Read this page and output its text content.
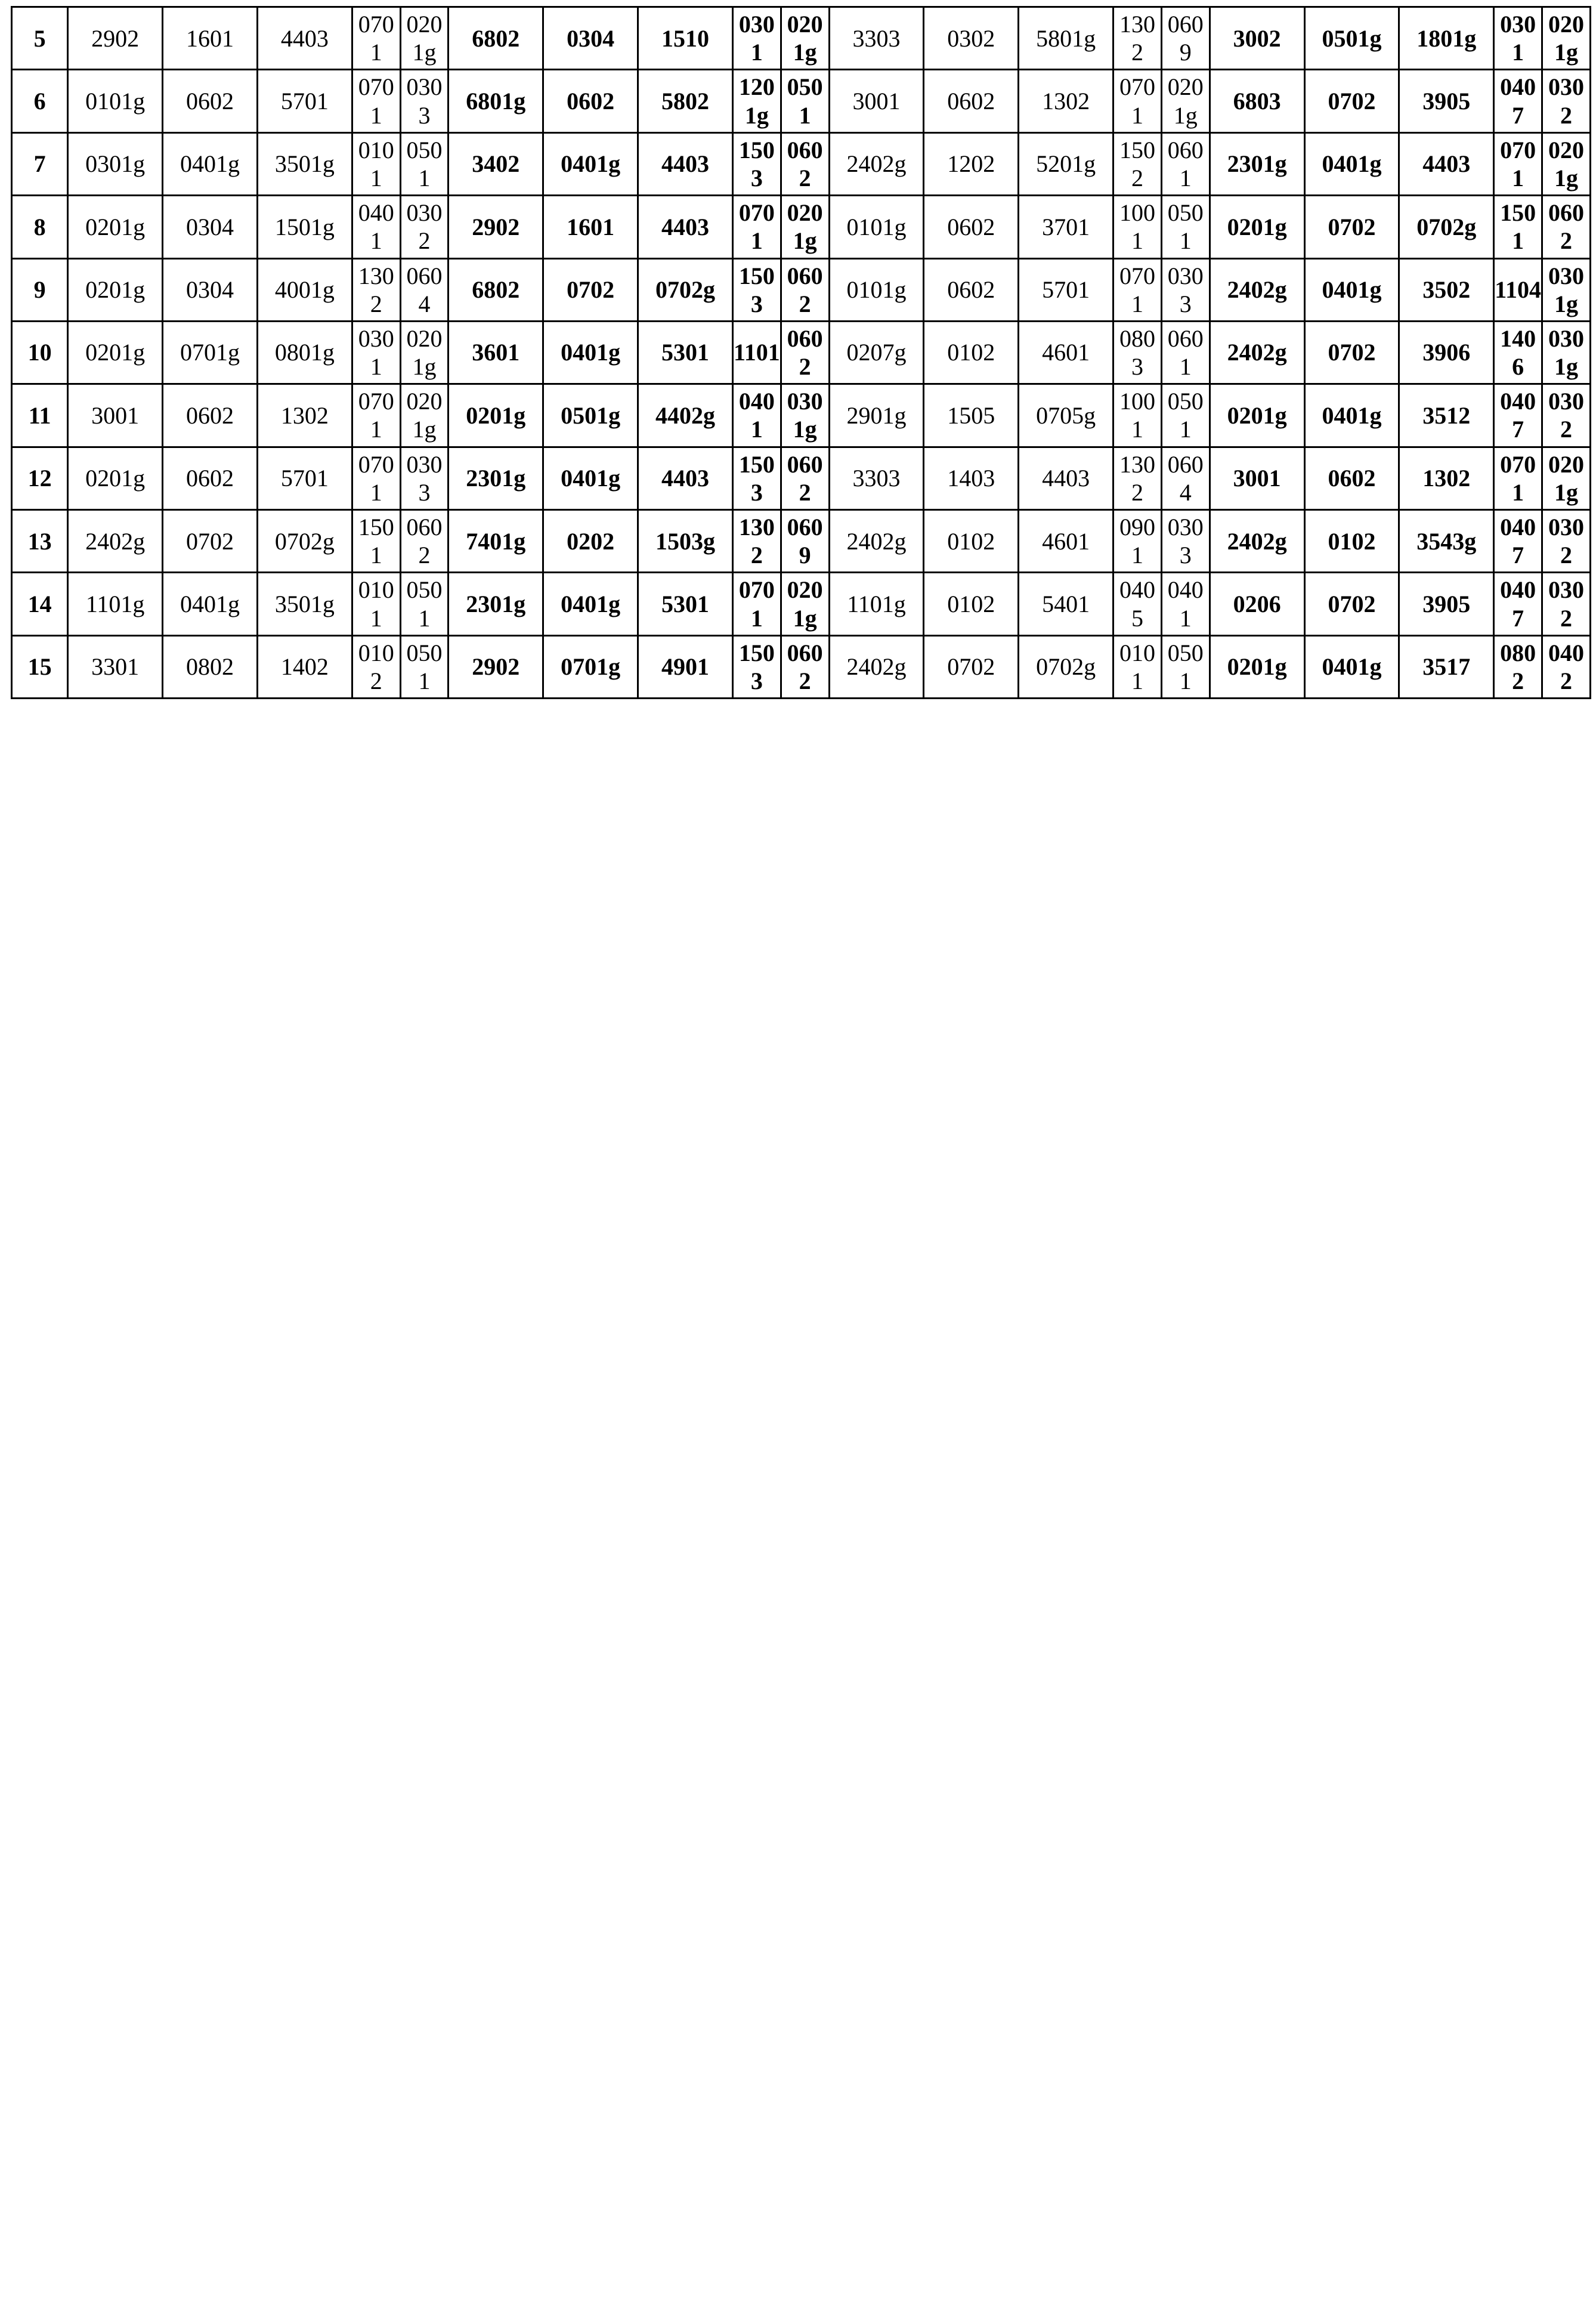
5	2902	1601	4403	0701	0201g	6802	0304	1510	0301	0201g	3303	0302	5801g	1302	0609	3002	0501g	1801g	0301	0201g

6	0101g	0602	5701	0701	0303	6801g	0602	5802	1201g	0501	3001	0602	1302	0701	0201g	6803	0702	3905	0407	0302

7	0301g	0401g	3501g	0101	0501	3402	0401g	4403	1503	0602	2402g	1202	5201g	1502	0601	2301g	0401g	4403	0701	0201g

8	0201g	0304	1501g	0401	0302	2902	1601	4403	0701	0201g	0101g	0602	3701	1001	0501	0201g	0702	0702g	1501	0602

9	0201g	0304	4001g	1302	0604	6802	0702	0702g	1503	0602	0101g	0602	5701	0701	0303	2402g	0401g	3502	1104	0301g

10	0201g	0701g	0801g	0301	0201g	3601	0401g	5301	1101	0602	0207g	0102	4601	0803	0601	2402g	0702	3906	1406	0301g

11	3001	0602	1302	0701	0201g	0201g	0501g	4402g	0401	0301g	2901g	1505	0705g	1001	0501	0201g	0401g	3512	0407	0302

12	0201g	0602	5701	0701	0303	2301g	0401g	4403	1503	0602	3303	1403	4403	1302	0604	3001	0602	1302	0701	0201g

13	2402g	0702	0702g	1501	0602	7401g	0202	1503g	1302	0609	2402g	0102	4601	0901	0303	2402g	0102	3543g	0407	0302

14	1101g	0401g	3501g	0101	0501	2301g	0401g	5301	0701	0201g	1101g	0102	5401	0405	0401	0206	0702	3905	0407	0302

15	3301	0802	1402	0102	0501	2902	0701g	4901	1503	0602	2402g	0702	0702g	0101	0501	0201g	0401g	3517	0802	0402
